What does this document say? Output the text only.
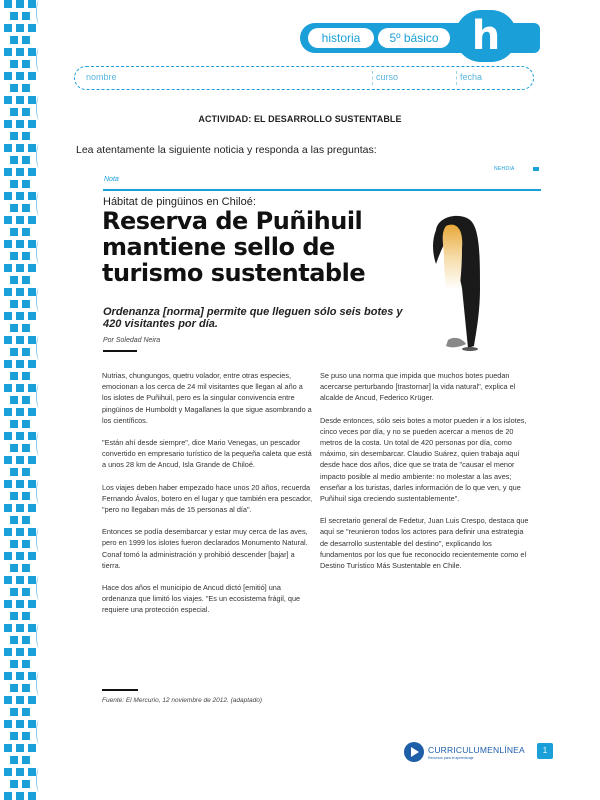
historia	5º básico h
nombre	curso	fecha
ACTIVIDAD: EL DESARROLLO SUSTENTABLE
Lea atentamente la siguiente noticia y responda a las preguntas:
Nota
NEHDIA
Hábitat de pingüinos en Chiloé:
Reserva de Puñihuil mantiene sello de turismo sustentable
Ordenanza [norma] permite que lleguen sólo seis botes y 420 visitantes por día.
Por Soledad Neira

Nutrias, chungungos, quetru volador, entre otras especies, emocionan a los cerca de 24 mil visitantes que llegan al año a los islotes de Puñihuil, pero es la singular convivencia entre pingüinos de Humboldt y Magallanes la que sigue asombrando a los científicos.

"Están ahí desde siempre", dice Mario Venegas, un pescador convertido en empresario turístico de la pequeña caleta que está a unos 28 km de Ancud, Isla Grande de Chiloé.

Los viajes deben haber empezado hace unos 20 años, recuerda Fernando Ávalos, botero en el lugar y que también era pescador, "pero no llegaban más de 15 personas al día".

Entonces se podía desembarcar y estar muy cerca de las aves, pero en 1999 los islotes fueron declarados Monumento Natural. Conaf tomó la administración y prohibió descender [bajar] a tierra.

Hace dos años el municipio de Ancud dictó [emitió] una ordenanza que limitó los viajes. "Es un ecosistema frágil, que requiere una protección especial.

Se puso una norma que impida que muchos botes puedan acercarse perturbando [trastornar] la vida natural", explica el alcalde de Ancud, Federico Krüger.

Desde entonces, sólo seis botes a motor pueden ir a los islotes, cinco veces por día, y no se pueden acercar a menos de 20 metros de la costa. Un total de 420 personas por día, como máximo, sin desembarcar. Claudio Suárez, quien trabaja aquí desde hace dos años, dice que se trata de "causar el menor impacto posible al medio ambiente: no molestar a las aves; enseñar a los turistas, darles información de lo que ven, y que Puñihuil siga creciendo sustentablemente".

El secretario general de Fedetur, Juan Luis Crespo, destaca que aquí se "reunieron todos los actores para definir una estrategia de desarrollo sustentable del destino", explicando los fundamentos por los que fue reconocido recientemente como el Destino Turístico Más Sustentable en Chile.

Fuente: El Mercurio, 12 noviembre de 2012. (adaptado)
CURRICULUMENLÍNEA
Recursos para el aprendizaje
1
